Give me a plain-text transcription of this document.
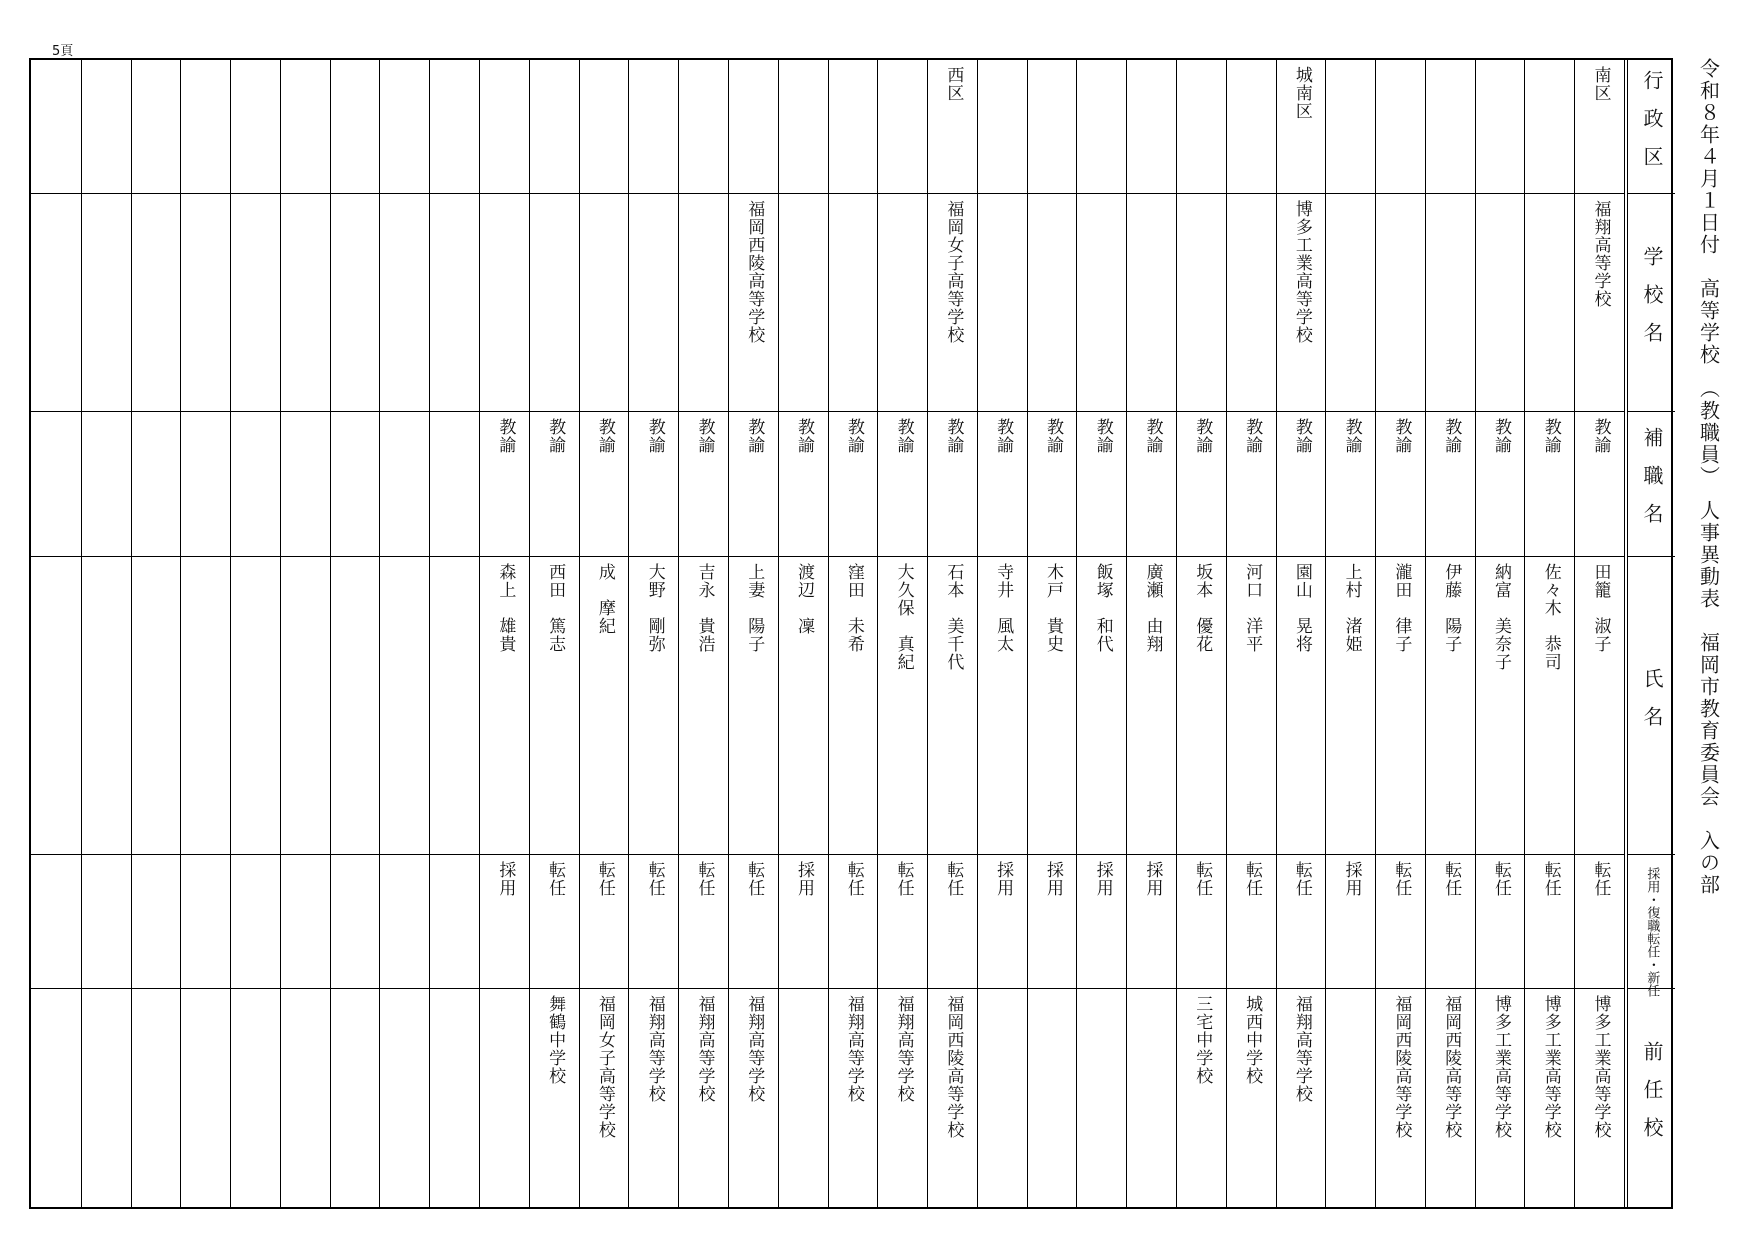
5頁
行政区
学校名
補職名
氏名
採用・復職転任・新任
前任校
南区
福翔高等学校
教諭
田籠　淑子
転任
博多工業高等学校
教諭
佐々木　恭司
転任
博多工業高等学校
教諭
納富　美奈子
転任
博多工業高等学校
教諭
伊藤　陽子
転任
福岡西陵高等学校
教諭
瀧田　律子
転任
福岡西陵高等学校
教諭
上村　渚姫
採用
城南区
博多工業高等学校
教諭
園山　晃将
転任
福翔高等学校
教諭
河口　洋平
転任
城西中学校
教諭
坂本　優花
転任
三宅中学校
教諭
廣瀬　由翔
採用
教諭
飯塚　和代
採用
教諭
木戸　貴史
採用
教諭
寺井　風太
採用
西区
福岡女子高等学校
教諭
石本　美千代
転任
福岡西陵高等学校
教諭
大久保　真紀
転任
福翔高等学校
教諭
窪田　未希
転任
福翔高等学校
教諭
渡辺　凜
採用
福岡西陵高等学校
教諭
上妻　陽子
転任
福翔高等学校
教諭
吉永　貴浩
転任
福翔高等学校
教諭
大野　剛弥
転任
福翔高等学校
教諭
成　摩紀
転任
福岡女子高等学校
教諭
西田　篤志
転任
舞鶴中学校
教諭
森上　雄貴
採用	令和８年４月１日付　高等学校　（教職員）　人事異動表　福岡市教育委員会　入の部
